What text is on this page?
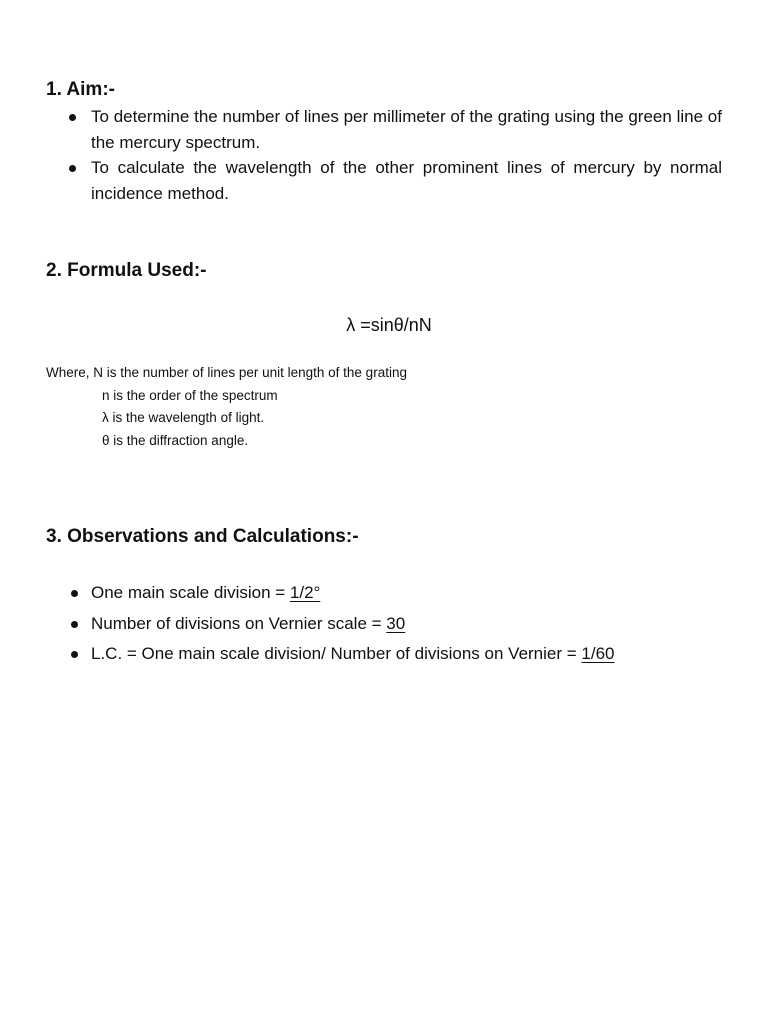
1. Aim:-
To determine the number of lines per millimeter of the grating using the green line of the mercury spectrum.
To calculate the wavelength of the other prominent lines of mercury by normal incidence method.
2. Formula Used:-

λ =sinθ/nN

Where, N is the number of lines per unit length of the grating
n is the order of the spectrum
λ is the wavelength of light.
θ is the diffraction angle.
3. Observations and Calculations:-
One main scale division = 1/2°
Number of divisions on Vernier scale = 30
L.C. = One main scale division/ Number of divisions on Vernier = 1/60
